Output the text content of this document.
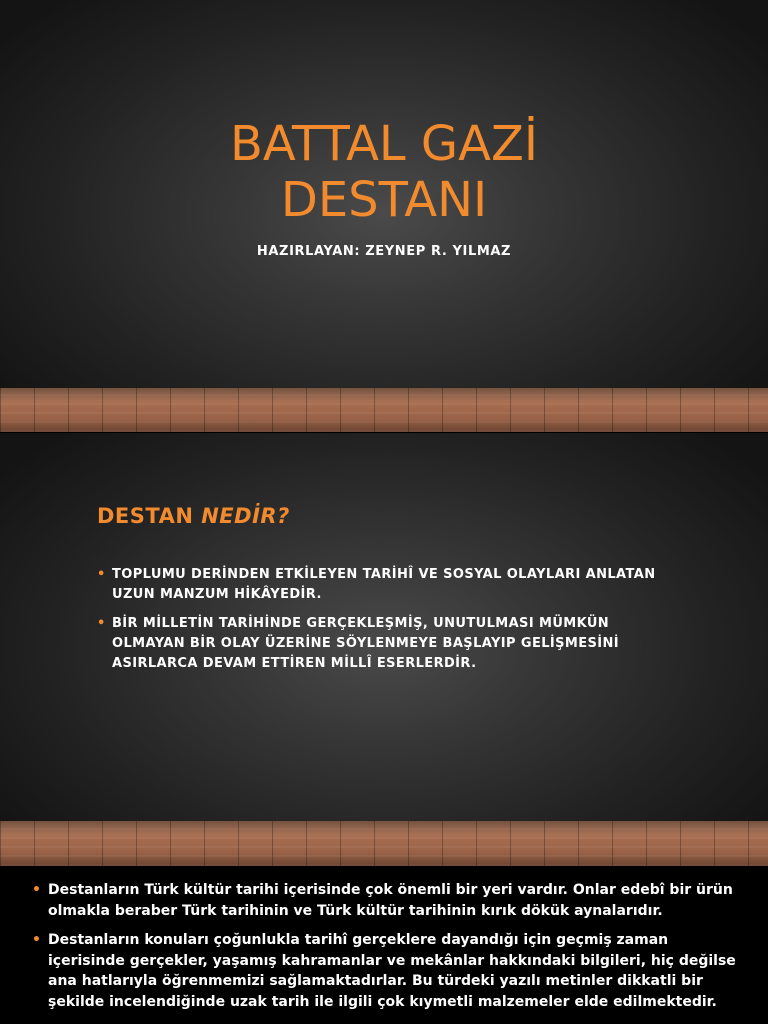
BATTAL GAZİ
DESTANI
HAZIRLAYAN: ZEYNEP R. YILMAZ
DESTAN NEDİR?
• TOPLUMU DERİNDEN ETKİLEYEN TARİHÎ VE SOSYAL OLAYLARI ANLATAN UZUN MANZUM HİKÂYEDİR.
• BİR MİLLETİN TARİHİNDE GERÇEKLEŞMİŞ, UNUTULMASI MÜMKÜN OLMAYAN BİR OLAY ÜZERİNE SÖYLENMEYE BAŞLAYIP GELİŞMESİNİ ASIRLARCA DEVAM ETTİREN MİLLÎ ESERLERDİR.
• Destanların Türk kültür tarihi içerisinde çok önemli bir yeri vardır. Onlar edebî bir ürün olmakla beraber Türk tarihinin ve Türk kültür tarihinin kırık dökük aynalarıdır.
• Destanların konuları çoğunlukla tarihî gerçeklere dayandığı için geçmiş zaman içerisinde gerçekler, yaşamış kahramanlar ve mekânlar hakkındaki bilgileri, hiç değilse ana hatlarıyla öğrenmemizi sağlamaktadırlar. Bu türdeki yazılı metinler dikkatli bir şekilde incelendiğinde uzak tarih ile ilgili çok kıymetli malzemeler elde edilmektedir.
